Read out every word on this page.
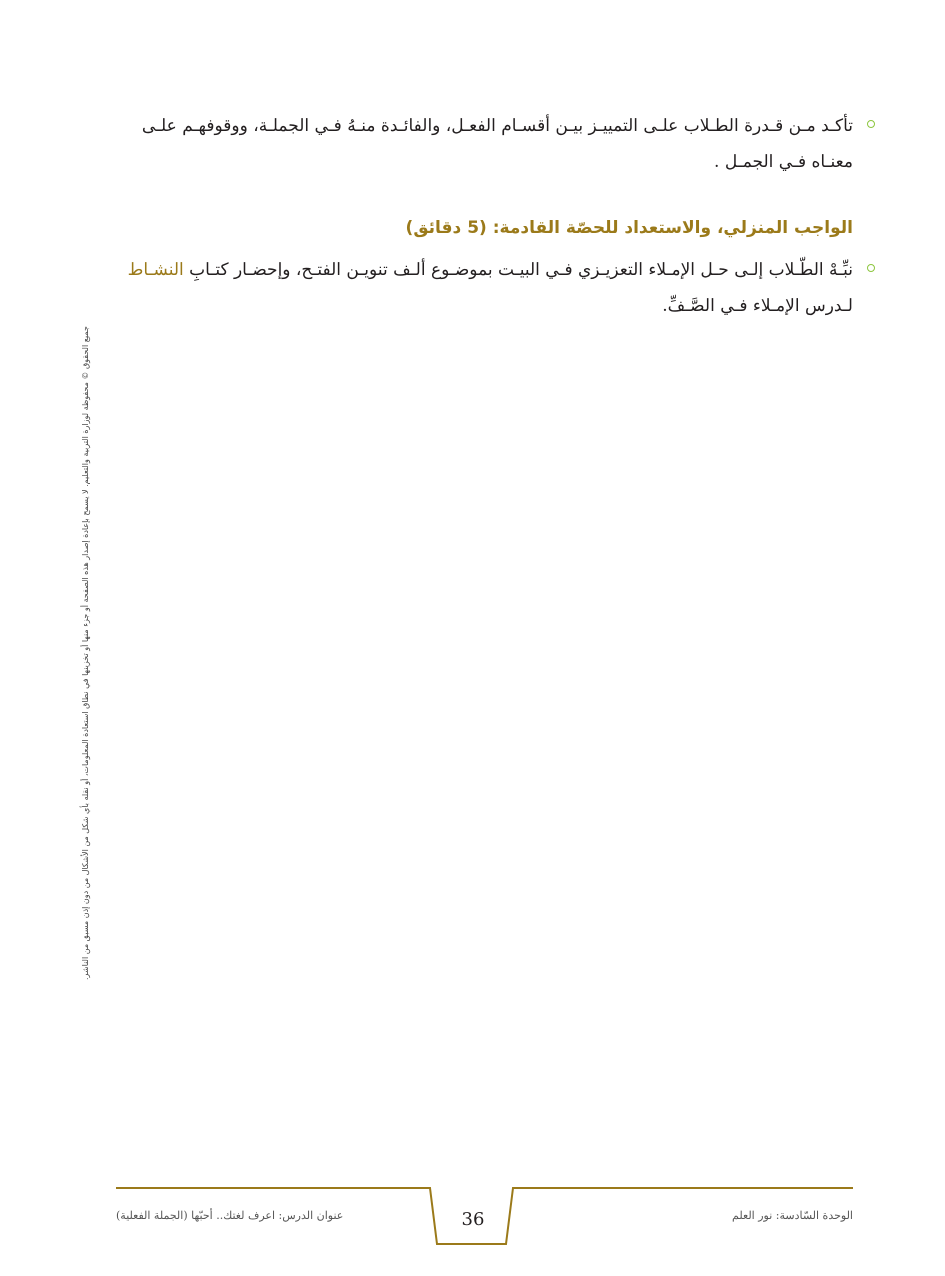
تأكـد مـن قـدرة الطـلاب علـى التمييـز بيـن أقسـام الفعـل، والفائـدة منـهُ فـي الجملـة، ووقوفهـم علـى معنـاه فـي الجمـل .
الواجب المنزلي، والاستعداد للحصّة القادمة: (5 دقائق)
نبِّـهْ الطّـلاب إلـى حـل الإمـلاء التعزيـزي فـي البيـت بموضـوع ألـف تنويـن الفتـح، وإحضـار كتـابِ النشـاط لـدرس الإمـلاء فـي الصَّـفِّ.
جميع الحقوق © محفوظة لوزارة التربية والتعليم. لا يسمح بإعادة إصدار هذه الصفحة أو جزء منها أو تخزينها في نطاق استعادة المعلومات، أو نقله بأي شكل من الأشكال من دون إذن مسبق من الناشر.
الوحدة السّادسة: نور العلم
36
عنوان الدرس: اعرف لغتك.. أحبّها (الجملة الفعلية)
